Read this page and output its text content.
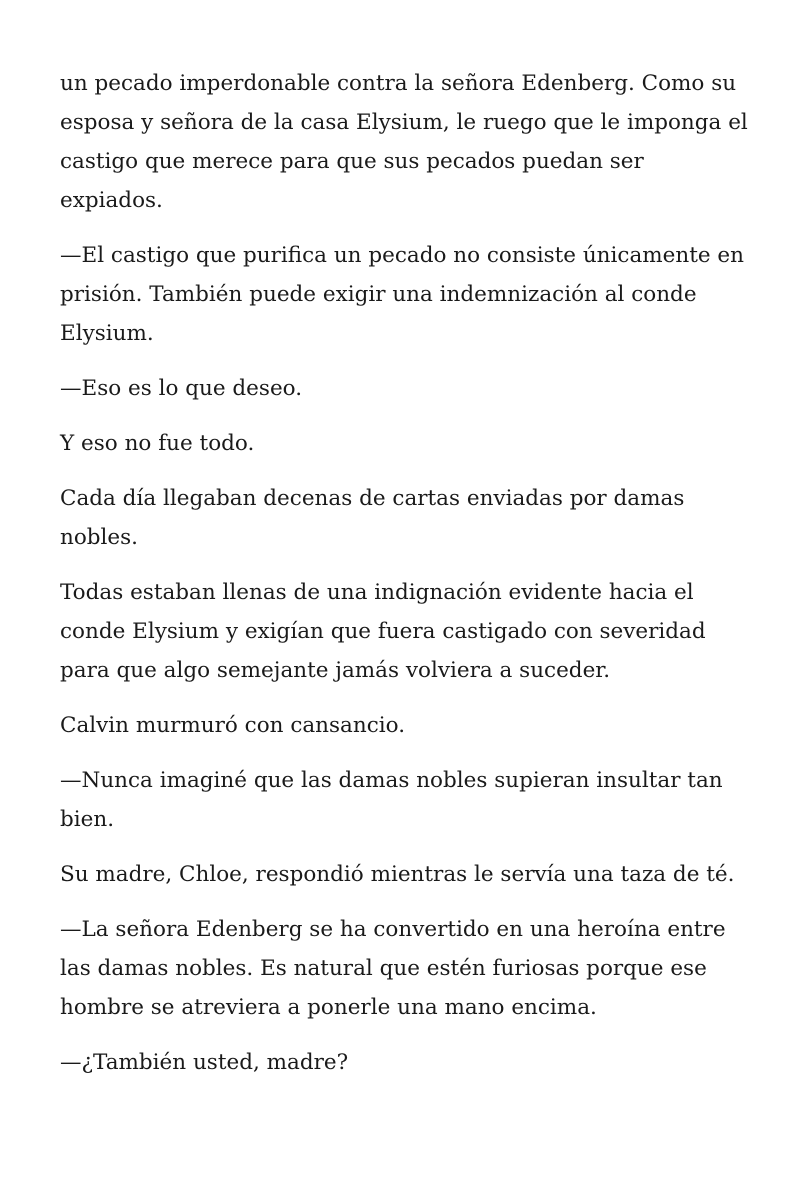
un pecado imperdonable contra la señora Edenberg. Como su esposa y señora de la casa Elysium, le ruego que le imponga el castigo que merece para que sus pecados puedan ser expiados.

—El castigo que purifica un pecado no consiste únicamente en prisión. También puede exigir una indemnización al conde Elysium.

—Eso es lo que deseo.

Y eso no fue todo.

Cada día llegaban decenas de cartas enviadas por damas nobles.

Todas estaban llenas de una indignación evidente hacia el conde Elysium y exigían que fuera castigado con severidad para que algo semejante jamás volviera a suceder.

Calvin murmuró con cansancio.

—Nunca imaginé que las damas nobles supieran insultar tan bien.

Su madre, Chloe, respondió mientras le servía una taza de té.

—La señora Edenberg se ha convertido en una heroína entre las damas nobles. Es natural que estén furiosas porque ese hombre se atreviera a ponerle una mano encima.

—¿También usted, madre?
